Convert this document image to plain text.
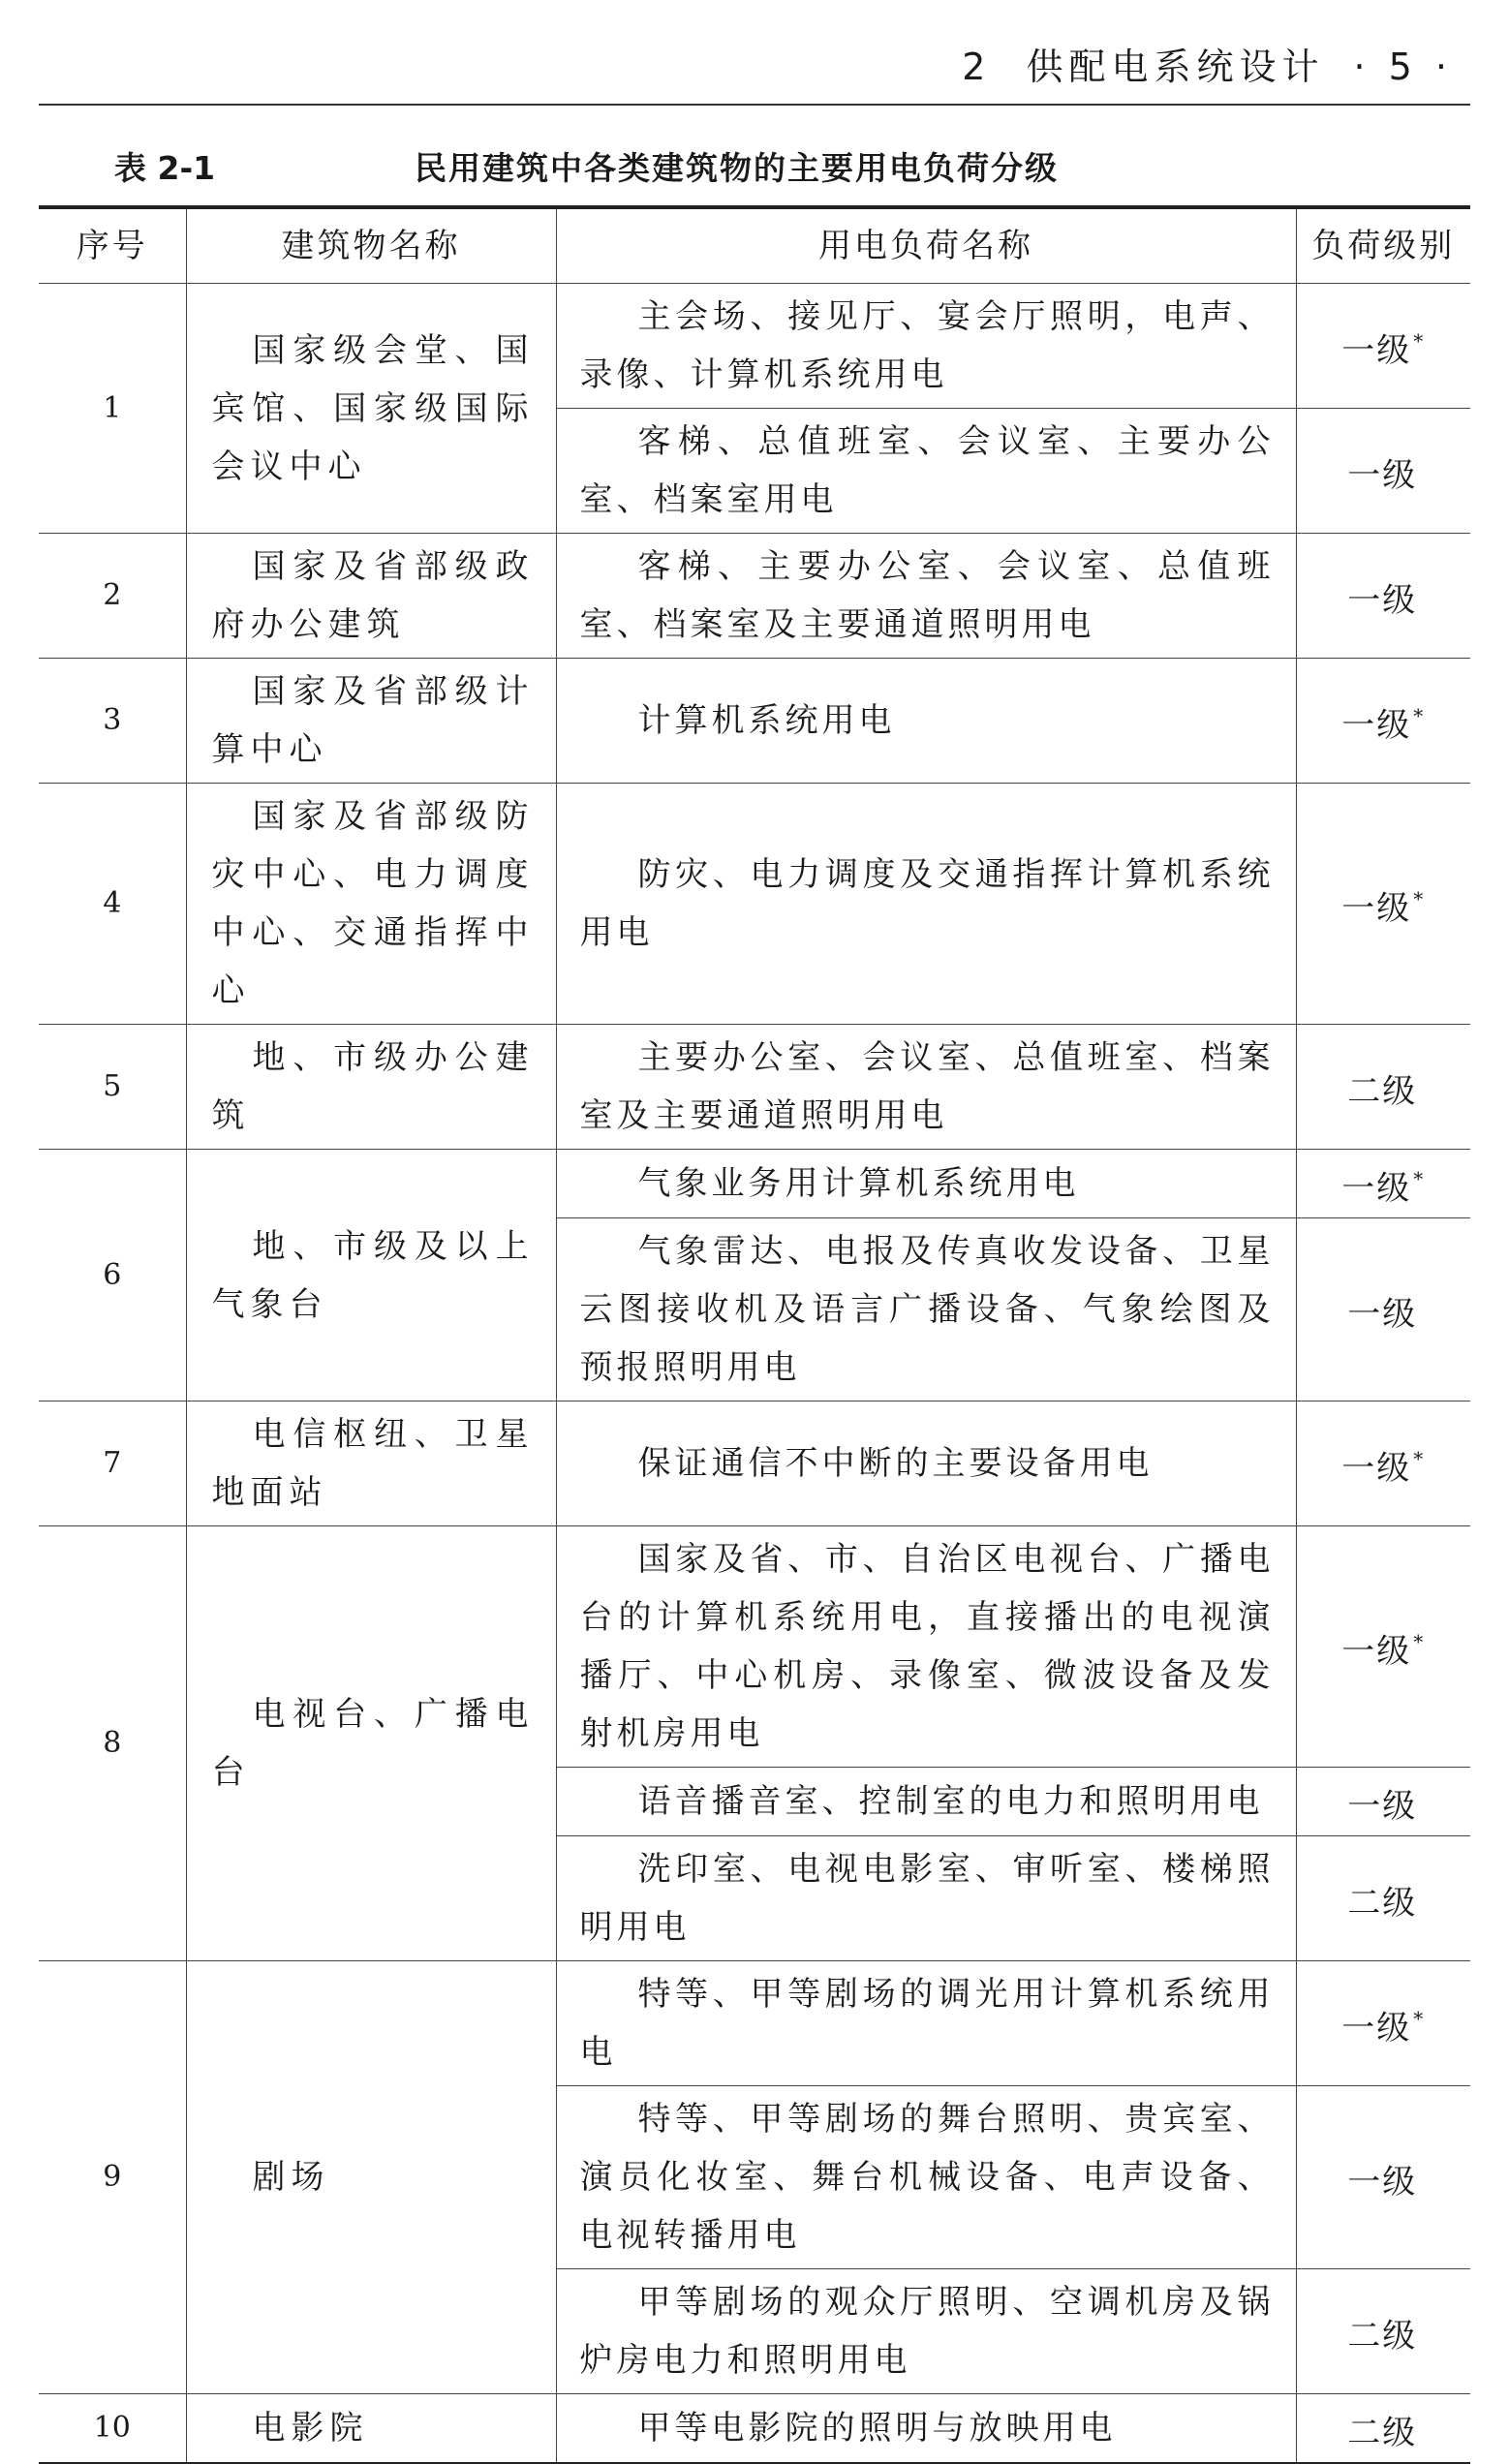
2 供配电系统设计 · 5 ·
表 2-1	民用建筑中各类建筑物的主要用电负荷分级
序号	建筑物名称	用电负荷名称	负荷级别
1	国家级会堂、国宾馆、国家级国际会议中心	主会场、接见厅、宴会厅照明，电声、录像、计算机系统用电	一级 *
		客梯、总值班室、会议室、主要办公室、档案室用电	一级
2	国家及省部级政府办公建筑	客梯、主要办公室、会议室、总值班室、档案室及主要通道照明用电	一级
3	国家及省部级计算中心	计算机系统用电	一级 *
4	国家及省部级防灾中心、电力调度中心、交通指挥中心	防灾、电力调度及交通指挥计算机系统用电	一级 *
5	地、市级办公建筑	主要办公室、会议室、总值班室、档案室及主要通道照明用电	二级
6	地、市级及以上气象台	气象业务用计算机系统用电	一级 *
		气象雷达、电报及传真收发设备、卫星云图接收机及语言广播设备、气象绘图及预报照明用电	一级
7	电信枢纽、卫星地面站	保证通信不中断的主要设备用电	一级 *
8	电视台、广播电台	国家及省、市、自治区电视台、广播电台的计算机系统用电，直接播出的电视演播厅、中心机房、录像室、微波设备及发射机房用电	一级 *
		语音播音室、控制室的电力和照明用电	一级
		洗印室、电视电影室、审听室、楼梯照明用电	二级
9	剧场	特等、甲等剧场的调光用计算机系统用电	一级 *
		特等、甲等剧场的舞台照明、贵宾室、演员化妆室、舞台机械设备、电声设备、电视转播用电	一级
		甲等剧场的观众厅照明、空调机房及锅炉房电力和照明用电	二级
10	电影院	甲等电影院的照明与放映用电	二级
